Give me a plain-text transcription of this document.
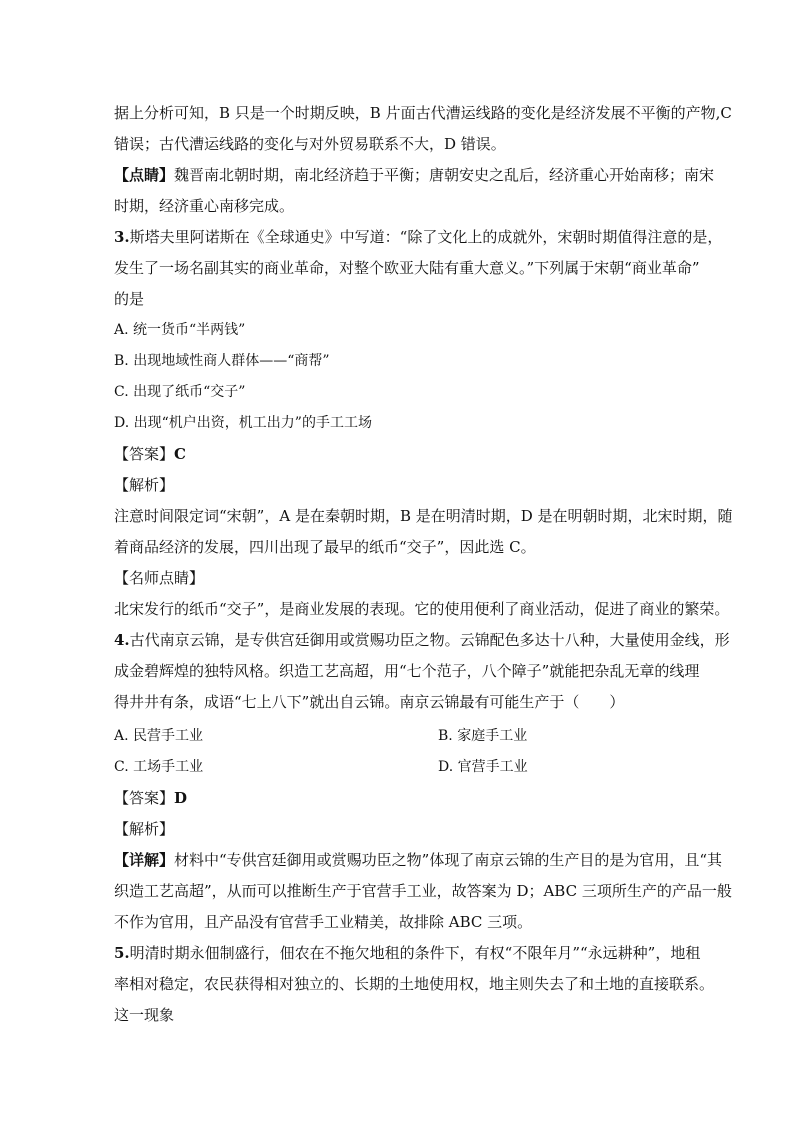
据上分析可知，B 只是一个时期反映，B 片面古代漕运线路的变化是经济发展不平衡的产物,C
错误；古代漕运线路的变化与对外贸易联系不大，D 错误。
【点睛】魏晋南北朝时期，南北经济趋于平衡；唐朝安史之乱后，经济重心开始南移；南宋
时期，经济重心南移完成。
3.斯塔夫里阿诺斯在《全球通史》中写道：“除了文化上的成就外，宋朝时期值得注意的是，
发生了一场名副其实的商业革命，对整个欧亚大陆有重大意义。”下列属于宋朝“商业革命”
的是
A. 统一货币“半两钱”
B. 出现地域性商人群体——“商帮”
C. 出现了纸币“交子”
D. 出现“机户出资，机工出力”的手工工场
【答案】C
【解析】
注意时间限定词“宋朝”，A 是在秦朝时期，B 是在明清时期，D 是在明朝时期，北宋时期，随
着商品经济的发展，四川出现了最早的纸币“交子”，因此选 C。
【名师点睛】
北宋发行的纸币“交子”，是商业发展的表现。它的使用便利了商业活动，促进了商业的繁荣。
4.古代南京云锦，是专供宫廷御用或赏赐功臣之物。云锦配色多达十八种，大量使用金线，形
成金碧辉煌的独特风格。织造工艺高超，用“七个范子，八个障子”就能把杂乱无章的线理
得井井有条，成语“七上八下”就出自云锦。南京云锦最有可能生产于（　　）
A. 民营手工业	B. 家庭手工业
C. 工场手工业	D. 官营手工业
【答案】D
【解析】
【详解】材料中“专供宫廷御用或赏赐功臣之物”体现了南京云锦的生产目的是为官用，且“其
织造工艺高超”，从而可以推断生产于官营手工业，故答案为 D；ABC 三项所生产的产品一般
不作为官用，且产品没有官营手工业精美，故排除 ABC 三项。
5.明清时期永佃制盛行，佃农在不拖欠地租的条件下，有权“不限年月”“永远耕种”，地租
率相对稳定，农民获得相对独立的、长期的土地使用权，地主则失去了和土地的直接联系。
这一现象
